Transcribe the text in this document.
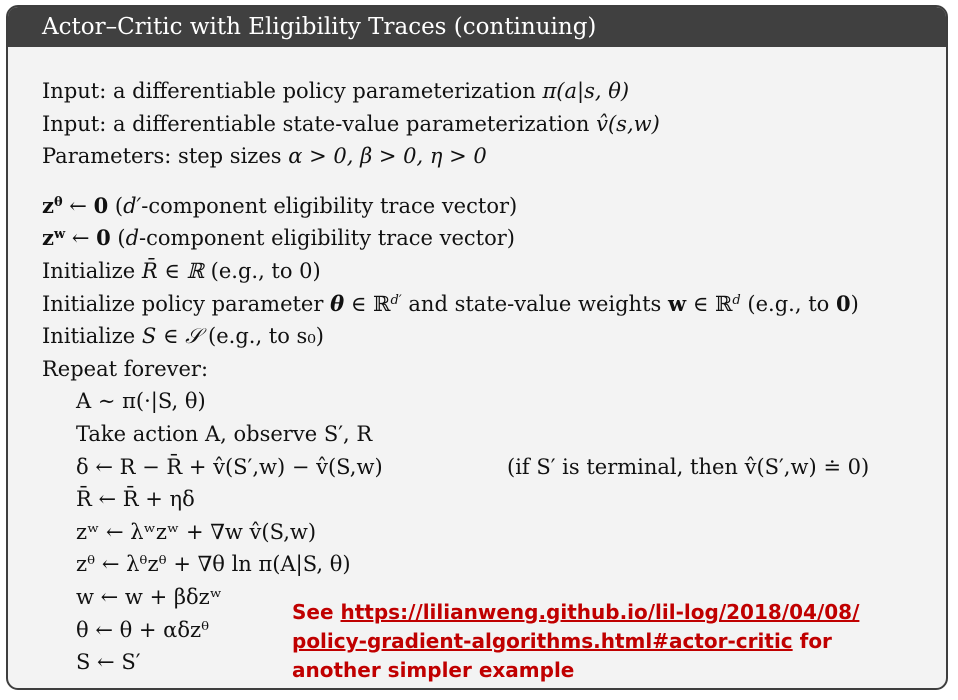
Actor–Critic with Eligibility Traces (continuing)
Input: a differentiable policy parameterization π(a|s, θ)
Input: a differentiable state-value parameterization v̂(s,w)
Parameters: step sizes α > 0, β > 0, η > 0
$z^\theta$ ← 0 (d′-component eligibility trace vector)
$z^w$ ← 0 (d-component eligibility trace vector)
Initialize R̄ ∈ ℝ (e.g., to 0)
Initialize policy parameter θ ∈ ℝ$^{d'}$ and state-value weights w ∈ ℝ$^d$ (e.g., to 0)
Initialize S ∈ 𝒮 (e.g., to s₀)
Repeat forever:
A ∼ π(·|S, θ)
Take action A, observe S′, R
δ ← R − R̄ + v̂(S′,w) − v̂(S,w)	(if S′ is terminal, then v̂(S′,w) ≐ 0)
R̄ ← R̄ + ηδ
zʷ ← λʷzʷ + ∇w v̂(S,w)
zᶿ ← λᶿzᶿ + ∇θ ln π(A|S, θ)
w ← w + βδzʷ
θ ← θ + αδzᶿ
S ← S′
See https://lilianweng.github.io/lil-log/2018/04/08/
policy-gradient-algorithms.html#actor-critic for
another simpler example
